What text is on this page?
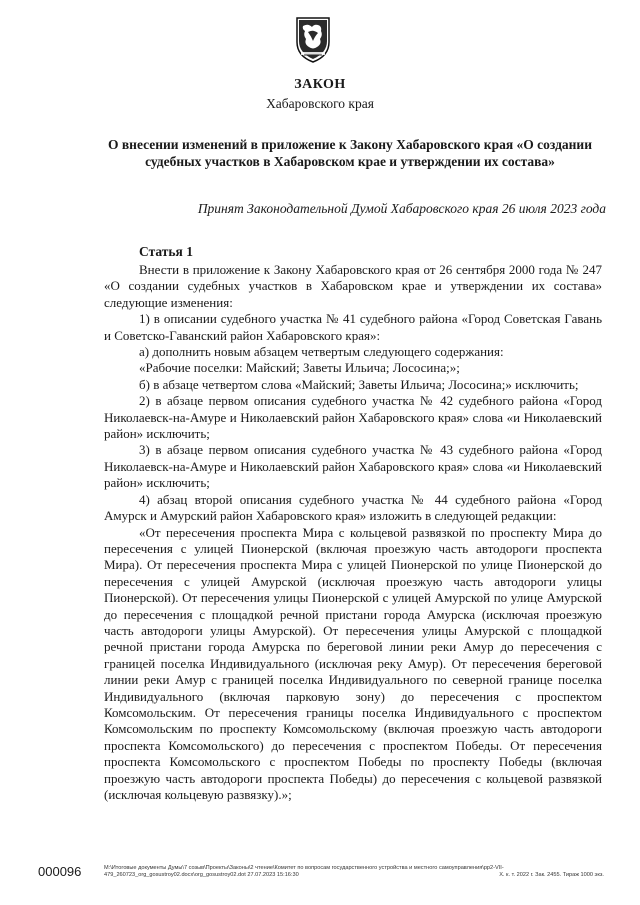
ЗАКОН
Хабаровского края
О внесении изменений в приложение к Закону Хабаровского края «О создании
судебных участков в Хабаровском крае и утверждении их состава»
Принят Законодательной Думой Хабаровского края 26 июля 2023 года
Статья 1

Внести в приложение к Закону Хабаровского края от 26 сентября 2000 года № 247 «О создании судебных участков в Хабаровском крае и утверждении их состава» следующие изменения:

1) в описании судебного участка № 41 судебного района «Город Советская Гавань и Советско-Гаванский район Хабаровского края»:

а) дополнить новым абзацем четвертым следующего содержания:

«Рабочие поселки: Майский; Заветы Ильича; Лососина;»;

б) в абзаце четвертом слова «Майский; Заветы Ильича; Лососина;» исключить;

2) в абзаце первом описания судебного участка № 42 судебного района «Город Николаевск-на-Амуре и Николаевский район Хабаровского края» слова «и Николаевский район» исключить;

3) в абзаце первом описания судебного участка № 43 судебного района «Город Николаевск-на-Амуре и Николаевский район Хабаровского края» слова «и Николаевский район» исключить;

4) абзац второй описания судебного участка № 44 судебного района «Город Амурск и Амурский район Хабаровского края» изложить в следующей редакции:

«От пересечения проспекта Мира с кольцевой развязкой по проспекту Мира до пересечения с улицей Пионерской (включая проезжую часть автодороги проспекта Мира). От пересечения проспекта Мира с улицей Пионерской по улице Пионерской до пересечения с улицей Амурской (исключая проезжую часть автодороги улицы Пионерской). От пересечения улицы Пионерской с улицей Амурской по улице Амурской до пересечения с площадкой речной пристани города Амурска (исключая проезжую часть автодороги улицы Амурской). От пересечения улицы Амурской с площадкой речной пристани города Амурска по береговой линии реки Амур до пересечения с границей поселка Индивидуального (исключая реку Амур). От пересечения береговой линии реки Амур с границей поселка Индивидуального по северной границе поселка Индивидуального (включая парковую зону) до пересечения с проспектом Комсомольским. От пересечения границы поселка Индивидуального с проспектом Комсомольским по проспекту Комсомольскому (включая проезжую часть автодороги проспекта Комсомольского) до пересечения с проспектом Победы. От пересечения проспекта Комсомольского с проспектом Победы по проспекту Победы (включая проезжую часть автодороги проспекта Победы) до пересечения с кольцевой развязкой (исключая кольцевую развязку).»;

000096	M:\Итоговые документы Думы\7 созыв\Проекты\Законы\2 чтение\Комитет по вопросам государственного устройства и местного самоуправления\рр2-VII-479_260723_org_gosustroy02.docx\org_gosustroy02.dot 27.07.2023 15:16:30	Х. к. т. 2022 г. Зак. 2455. Тираж 1000 экз.
